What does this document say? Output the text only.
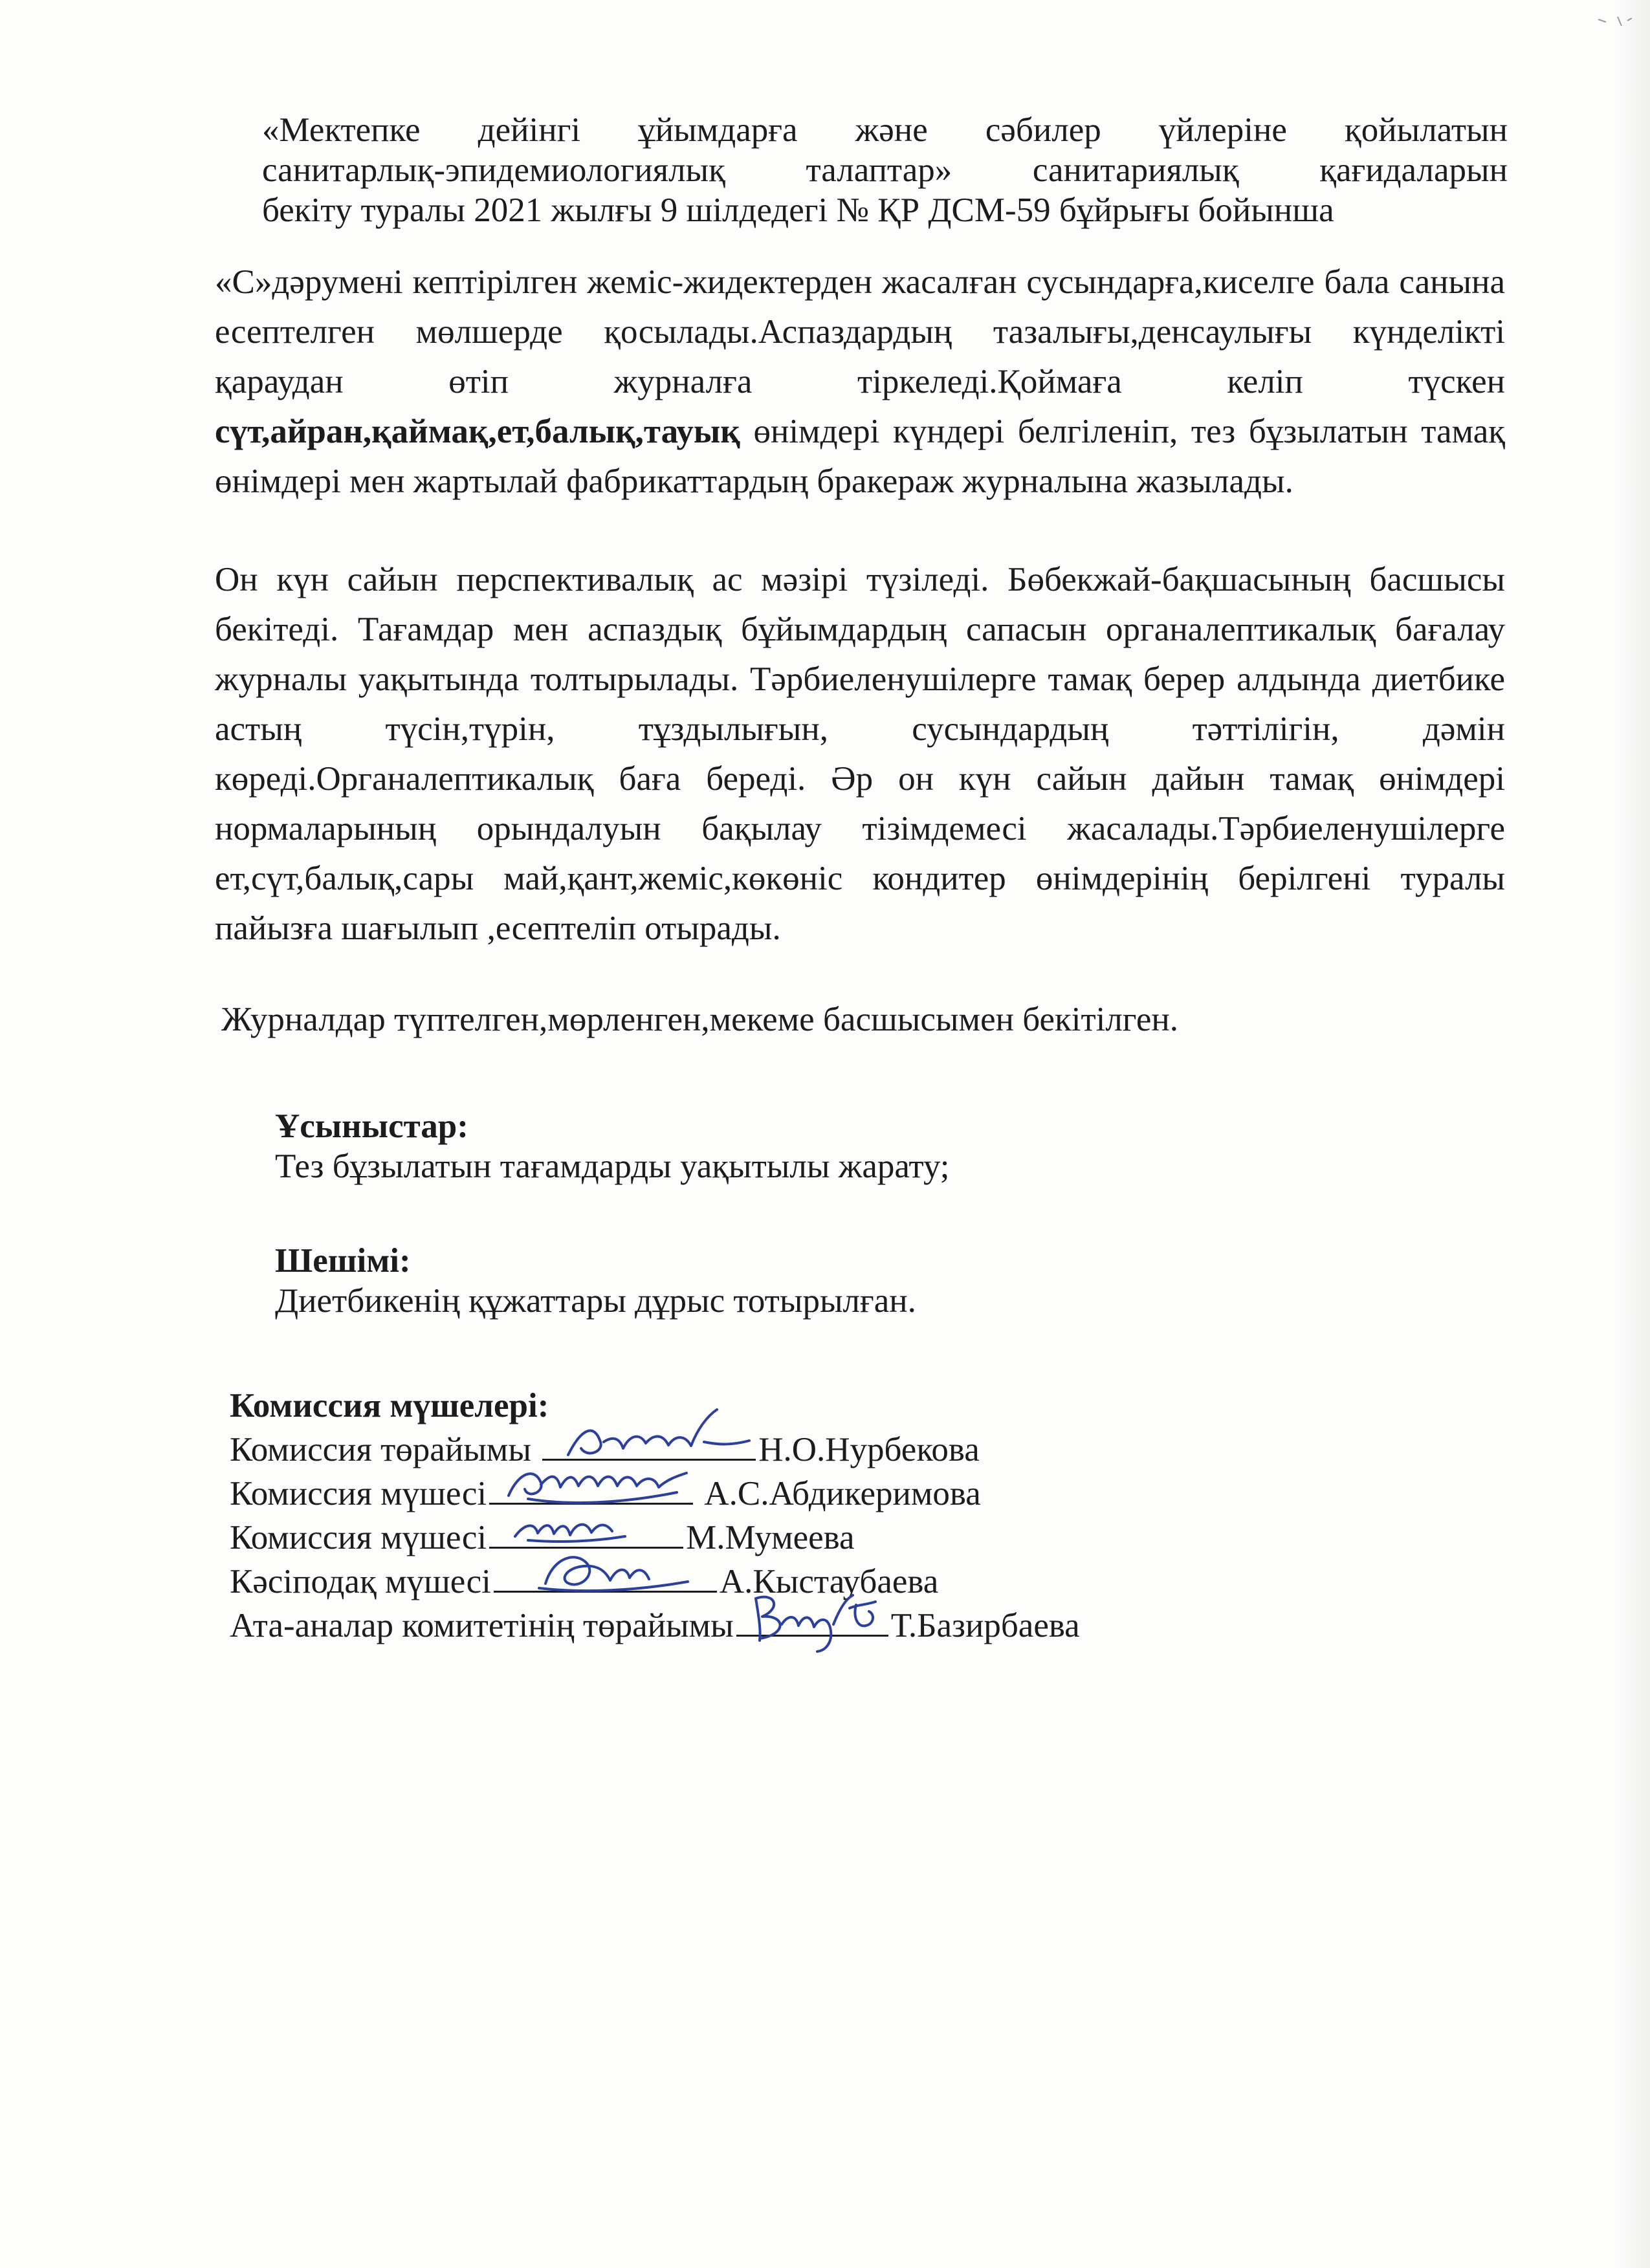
«Мектепке дейінгі ұйымдарға және сәбилер үйлеріне қойылатын
санитарлық-эпидемиологиялық талаптар» санитариялық қағидаларын
бекіту туралы 2021 жылғы 9 шілдедегі № ҚР ДСМ-59 бұйрығы бойынша
«С»дәрумені кептірілген жеміс-жидектерден жасалған сусындарға,киселге бала санына есептелген мөлшерде қосылады.Аспаздардың тазалығы,денсаулығы күнделікті қараудан өтіп журналға тіркеледі.Қоймаға келіп түскен сүт,айран,қаймақ,ет,балық,тауық өнімдері күндері белгіленіп, тез бұзылатын тамақ өнімдері мен жартылай фабрикаттардың бракераж журналына жазылады.
Он күн сайын перспективалық ас мәзірі түзіледі. Бөбекжай-бақшасының басшысы бекітеді. Тағамдар мен аспаздық бұйымдардың сапасын органалептикалық бағалау журналы уақытында толтырылады. Тәрбиеленушілерге тамақ берер алдында диетбике астың түсін,түрін, тұздылығын, сусындардың тәттілігін, дәмін көреді.Органалептикалық баға береді. Әр он күн сайын дайын тамақ өнімдері нормаларының орындалуын бақылау тізімдемесі жасалады.Тәрбиеленушілерге ет,сүт,балық,сары май,қант,жеміс,көкөніс кондитер өнімдерінің берілгені туралы пайызға шағылып ,есептеліп отырады.
Журналдар түптелген,мөрленген,мекеме басшысымен бекітілген.
Ұсыныстар:
Тез бұзылатын тағамдарды уақытылы жарату;
Шешімі:
Диетбикенің құжаттары дұрыс тотырылған.
Комиссия мүшелері:
Комиссия төрайымы	Н.О.Нурбекова
Комиссия мүшесі	А.С.Абдикеримова
Комиссия мүшесі	М.Мумеева
Кәсіподақ мүшесі	А.Кыстаубаева
Ата-аналар комитетінің төрайымы	Т.Базирбаева
